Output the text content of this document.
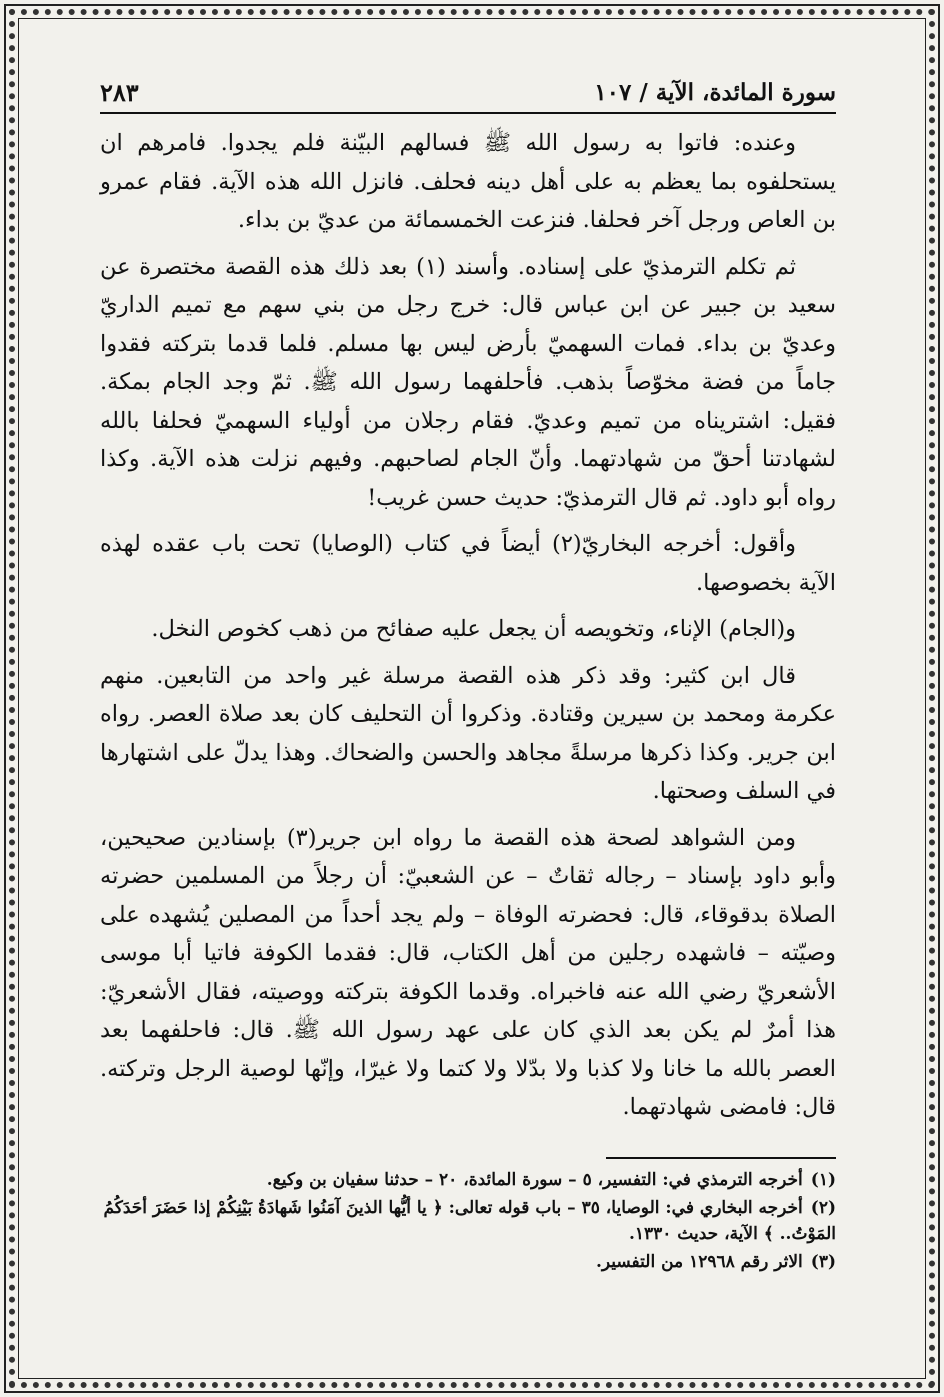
سورة المائدة، الآية / ١٠٧
٢٨٣

وعنده: فاتوا به رسول الله ﷺ فسالهم البيّنة فلم يجدوا. فامرهم ان يستحلفوه بما يعظم به على أهل دينه فحلف. فانزل الله هذه الآية. فقام عمرو بن العاص ورجل آخر فحلفا. فنزعت الخمسمائة من عديّ بن بداء.

ثم تكلم الترمذيّ على إسناده. وأسند (١) بعد ذلك هذه القصة مختصرة عن سعيد بن جبير عن ابن عباس قال: خرج رجل من بني سهم مع تميم الداريّ وعديّ بن بداء. فمات السهميّ بأرض ليس بها مسلم. فلما قدما بتركته فقدوا جاماً من فضة مخوّصاً بذهب. فأحلفهما رسول الله ﷺ. ثمّ وجد الجام بمكة. فقيل: اشتريناه من تميم وعديّ. فقام رجلان من أولياء السهميّ فحلفا بالله لشهادتنا أحقّ من شهادتهما. وأنّ الجام لصاحبهم. وفيهم نزلت هذه الآية. وكذا رواه أبو داود. ثم قال الترمذيّ: حديث حسن غريب!

وأقول: أخرجه البخاريّ(٢) أيضاً في كتاب (الوصايا) تحت باب عقده لهذه الآية بخصوصها.

و(الجام) الإناء، وتخويصه أن يجعل عليه صفائح من ذهب كخوص النخل.

قال ابن كثير: وقد ذكر هذه القصة مرسلة غير واحد من التابعين. منهم عكرمة ومحمد بن سيرين وقتادة. وذكروا أن التحليف كان بعد صلاة العصر. رواه ابن جرير. وكذا ذكرها مرسلةً مجاهد والحسن والضحاك. وهذا يدلّ على اشتهارها في السلف وصحتها.

ومن الشواهد لصحة هذه القصة ما رواه ابن جرير(٣) بإسنادين صحيحين، وأبو داود بإسناد – رجاله ثقاتٌ – عن الشعبيّ: أن رجلاً من المسلمين حضرته الصلاة بدقوقاء، قال: فحضرته الوفاة – ولم يجد أحداً من المصلين يُشهده على وصيّته – فاشهده رجلين من أهل الكتاب، قال: فقدما الكوفة فاتيا أبا موسى الأشعريّ رضي الله عنه فاخبراه. وقدما الكوفة بتركته ووصيته، فقال الأشعريّ: هذا أمرٌ لم يكن بعد الذي كان على عهد رسول الله ﷺ. قال: فاحلفهما بعد العصر بالله ما خانا ولا كذبا ولا بدّلا ولا كتما ولا غيرّا، وإنّها لوصية الرجل وتركته. قال: فامضى شهادتهما.

(١)أخرجه الترمذي في: التفسير، ٥ – سورة المائدة، ٢٠ – حدثنا سفيان بن وكيع.

(٢)أخرجه البخاري في: الوصايا، ٣٥ – باب قوله تعالى: ﴿ يا أيُّها الذينَ آمَنُوا شَهادَةُ بَيْنِكُمْ إذا حَضَرَ أحَدَكُمُ المَوْتُ.. ﴾ الآية، حديث ١٣٣٠.

(٣)الاثر رقم ١٢٩٦٨ من التفسير.
